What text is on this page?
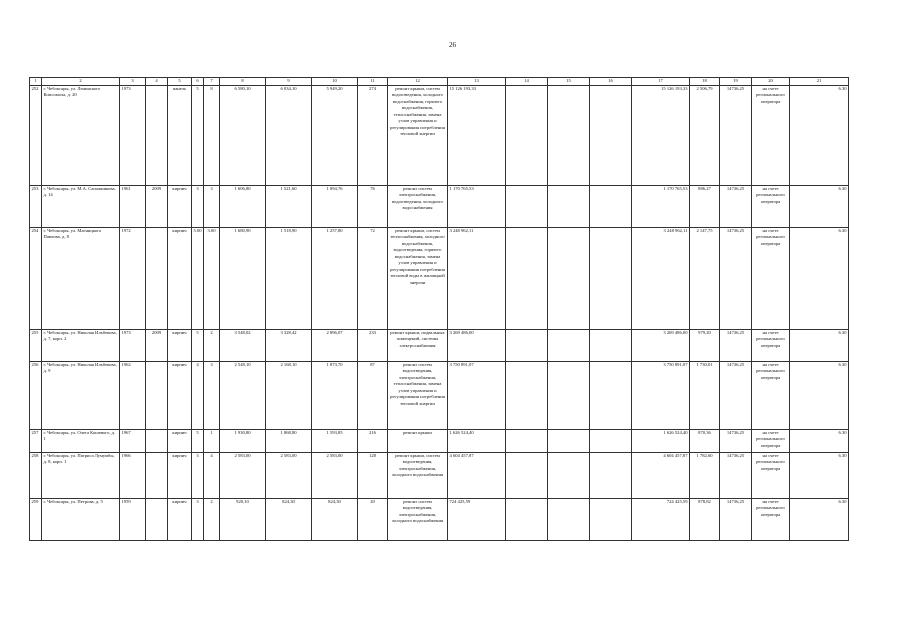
26
1	2	3	4	5	6	7	8	9	10	11	12	13	14	15	16	17	18	19	20	21
252	г. Чебоксары, ул. Ленинского Комсомола, д. 20	1973		панель	5	8	6 580,10	6 034,10	5 949,20	274	ремонт крыши, систем водоотведения, холодного водоснабжения, горячего водоснабжения, теплоснабжения, замена узлов управления и регулирования потребления тепловой энергии	15 126 193,33				15 126 193,33	2 506,79	14736,25	на счете регионального оператора	6.30
253	г. Чебоксары, ул. М.А. Сапожникова, д. 14	1961	2009	кирпич	3	3	1 606,80	1 521,60	1 094,76	76	ремонт систем электроснабжения, водоотведения, холодного водоснабжения	1 170 765,53				1 170 765,53	886,27	14736,25	на счете регионального оператора	6.30
254	г. Чебоксары, ул. Магницкого Павлова, д. 8	1972		кирпич	5.00	3.00	1 680,90	1 518,90	1 257,80	72	ремонт крыши, систем теплоснабжения, холодного водоснабжения, водоотведения, горячего водоснабжения, замена узлов управления и регулирования потребления тепловой воды в жилищной энергии	3 248 962,11				3 248 962,11	2 147,75	14736,25	на счете регионального оператора	6.30
255	г. Чебоксары, ул. Николая Ильбекова, д. 7, корп. 2	1973	2009	кирпич	5	2	3 548,02	3 328,42	2 896,07	233	ремонт крыши, подвальных помещений, системы электроснабжения	3 269 486,00				3 269 486,00	979,20	14736,25	на счете регионального оператора	6.30
256	г. Чебоксары, ул. Николая Ильбекова, д. 9	1962		кирпич	4	3	2 548,10	2 168,10	1 873,70	87	ремонт систем водоотведения, электроснабжения, теплоснабжения, замена узлов управления и регулирования потребления тепловой энергии	3 750 891,07				3 750 891,07	1 730,01	14736,25	на счете регионального оператора	6.30
257	г. Чебоксары, ул. Олега Кошевого, д. 1	1967		кирпич	5	1	1 930,80	1 868,80	1 593,85	216	ремонт крыши	1 626 524,40				1 626 524,40	870,36	14736,25	на счете регионального оператора	6.30
258	г. Чебоксары, ул. Патриса Лумумбы, д. 8, корп. 1	1966		кирпич	3	4	2 583,00	2 583,00	2 583,00	128	ремонт крыши, систем водоотведения, электроснабжения, холодного водоснабжения	4 604 457,87				4 604 457,87	1 782,60	14736,25	на счете регионального оператора	6.30
259	г. Чебоксары, ул. Петрова, д. 5	1959		кирпич	3	2	920,10	824,30	824,30	20	ремонт систем водоотведения, электроснабжения, холодного водоснабжения	724 425,59				724 425,59	878,82	14736,25	на счете регионального оператора	6.30
